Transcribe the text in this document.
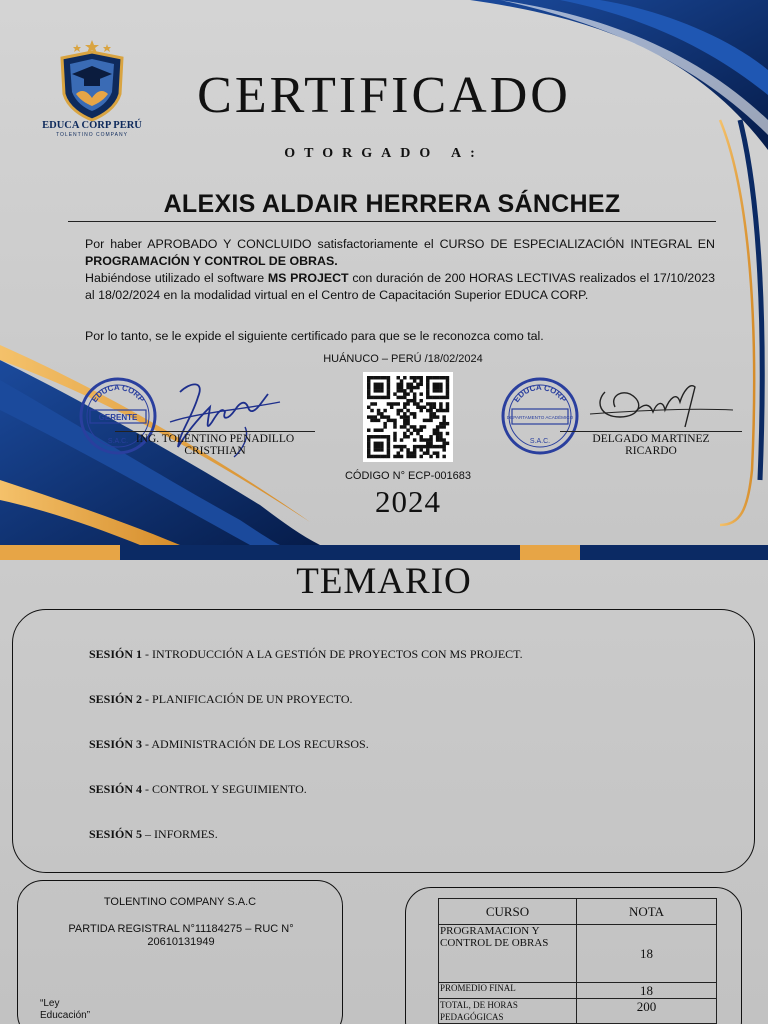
EDUCA CORP PERÚ
TOLENTINO COMPANY
CERTIFICADO
OTORGADO A:
ALEXIS ALDAIR HERRERA SÁNCHEZ
Por haber APROBADO Y CONCLUIDO satisfactoriamente el CURSO DE ESPECIALIZACIÓN INTEGRAL EN PROGRAMACIÓN Y CONTROL DE OBRAS.
Habiéndose utilizado el software MS PROJECT con duración de 200 HORAS LECTIVAS realizados el 17/10/2023 al 18/02/2024 en la modalidad virtual en el Centro de Capacitación Superior EDUCA CORP.
Por lo tanto, se le expide el siguiente certificado para que se le reconozca como tal.
HUÁNUCO – PERÚ /18/02/2024
EDUCA CORP
GERENTE
S.A.C. ING. TOLENTINO PENADILLO
CRISTHIAN
CÓDIGO N° ECP-001683
2024
EDUCA CORP
DEPARTAMENTO ACADÉMICO
S.A.C.	DELGADO MARTINEZ
RICARDO
TEMARIO
SESIÓN 1 - INTRODUCCIÓN A LA GESTIÓN DE PROYECTOS CON MS PROJECT.
SESIÓN 2 - PLANIFICACIÓN DE UN PROYECTO.
SESIÓN 3 - ADMINISTRACIÓN DE LOS RECURSOS.
SESIÓN 4 - CONTROL Y SEGUIMIENTO.
SESIÓN 5 – INFORMES.
TOLENTINO COMPANY S.A.C
PARTIDA REGISTRAL N°11184275 – RUC N° 20610131949
“Ley
Educación”
CURSO	NOTA
PROGRAMACION Y CONTROL DE OBRAS	18
PROMEDIO FINAL	18
TOTAL, DE HORAS PEDAGÓGICAS	200
